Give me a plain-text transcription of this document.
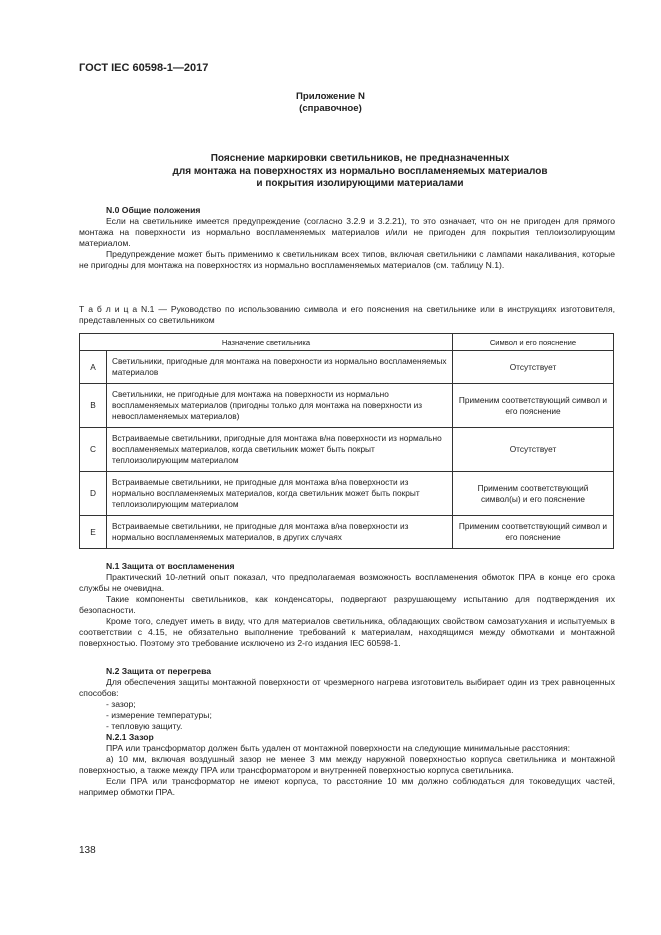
ГОСТ IEC 60598-1—2017
Приложение N
(справочное)
Пояснение маркировки светильников, не предназначенных
для монтажа на поверхностях из нормально воспламеняемых материалов
и покрытия изолирующими материалами
N.0 Общие положения
Если на светильнике имеется предупреждение (согласно 3.2.9 и 3.2.21), то это означает, что он не пригоден для прямого монтажа на поверхности из нормально воспламеняемых материалов и/или не пригоден для покрытия теплоизолирующим материалом.
Предупреждение может быть применимо к светильникам всех типов, включая светильники с лампами накаливания, которые не пригодны для монтажа на поверхностях из нормально воспламеняемых материалов (см. таблицу N.1).
Т а б л и ц а N.1 — Руководство по использованию символа и его пояснения на светильнике или в инструкциях изготовителя, представленных со светильником
Назначение светильника		Символ и его пояснение
A	Светильники, пригодные для монтажа на поверхности из нормально воспламеняемых материалов	Отсутствует
B	Светильники, не пригодные для монтажа на поверхности из нормально воспламеняемых материалов (пригодны только для монтажа на поверхности из невоспламеняемых материалов)	Применим соответствующий символ и его пояснение
C	Встраиваемые светильники, пригодные для монтажа в/на поверхности из нормально воспламеняемых материалов, когда светильник может быть покрыт теплоизолирующим материалом	Отсутствует
D	Встраиваемые светильники, не пригодные для монтажа в/на поверхности из нормально воспламеняемых материалов, когда светильник может быть покрыт теплоизолирующим материалом	Применим соответствующий символ(ы) и его пояснение
E	Встраиваемые светильники, не пригодные для монтажа в/на поверхности из нормально воспламеняемых материалов, в других случаях	Применим соответствующий символ и его пояснение
N.1 Защита от воспламенения
Практический 10-летний опыт показал, что предполагаемая возможность воспламенения обмоток ПРА в конце его срока службы не очевидна.
Такие компоненты светильников, как конденсаторы, подвергают разрушающему испытанию для подтверждения их безопасности.
Кроме того, следует иметь в виду, что для материалов светильника, обладающих свойством самозатухания и испытуемых в соответствии с 4.15, не обязательно выполнение требований к материалам, находящимся между обмотками и монтажной поверхностью. Поэтому это требование исключено из 2-го издания IEC 60598-1.
N.2 Защита от перегрева
Для обеспечения защиты монтажной поверхности от чрезмерного нагрева изготовитель выбирает один из трех равноценных способов:
- зазор;
- измерение температуры;
- тепловую защиту.
N.2.1 Зазор
ПРА или трансформатор должен быть удален от монтажной поверхности на следующие минимальные расстояния:
а) 10 мм, включая воздушный зазор не менее 3 мм между наружной поверхностью корпуса светильника и монтажной поверхностью, а также между ПРА или трансформатором и внутренней поверхностью корпуса светильника.
Если ПРА или трансформатор не имеют корпуса, то расстояние 10 мм должно соблюдаться для токоведущих частей, например обмотки ПРА.
138
